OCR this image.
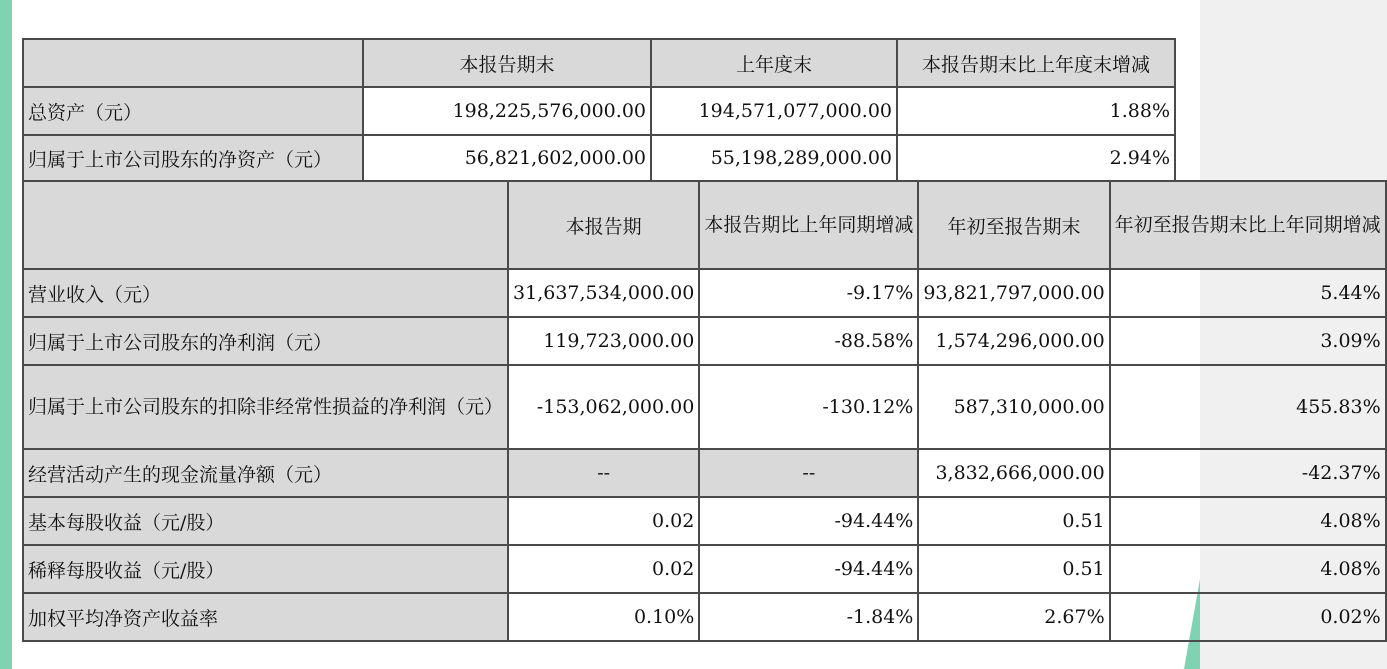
	本报告期末	上年度末	本报告期末比上年度末增减
总资产（元）	198,225,576,000.00	194,571,077,000.00	1.88%
归属于上市公司股东的净资产（元）	56,821,602,000.00	55,198,289,000.00	2.94%
	本报告期	本报告期比上年同期增减	年初至报告期末	年初至报告期末比上年同期增减
营业收入（元）	31,637,534,000.00	-9.17%	93,821,797,000.00	5.44%
归属于上市公司股东的净利润（元）	119,723,000.00	-88.58%	1,574,296,000.00	3.09%
归属于上市公司股东的扣除非经常性损益的净利润（元）	-153,062,000.00	-130.12%	587,310,000.00	455.83%
经营活动产生的现金流量净额（元）	--	--	3,832,666,000.00	-42.37%
基本每股收益（元/股）	0.02	-94.44%	0.51	4.08%
稀释每股收益（元/股）	0.02	-94.44%	0.51	4.08%
加权平均净资产收益率	0.10%	-1.84%	2.67%	0.02%
